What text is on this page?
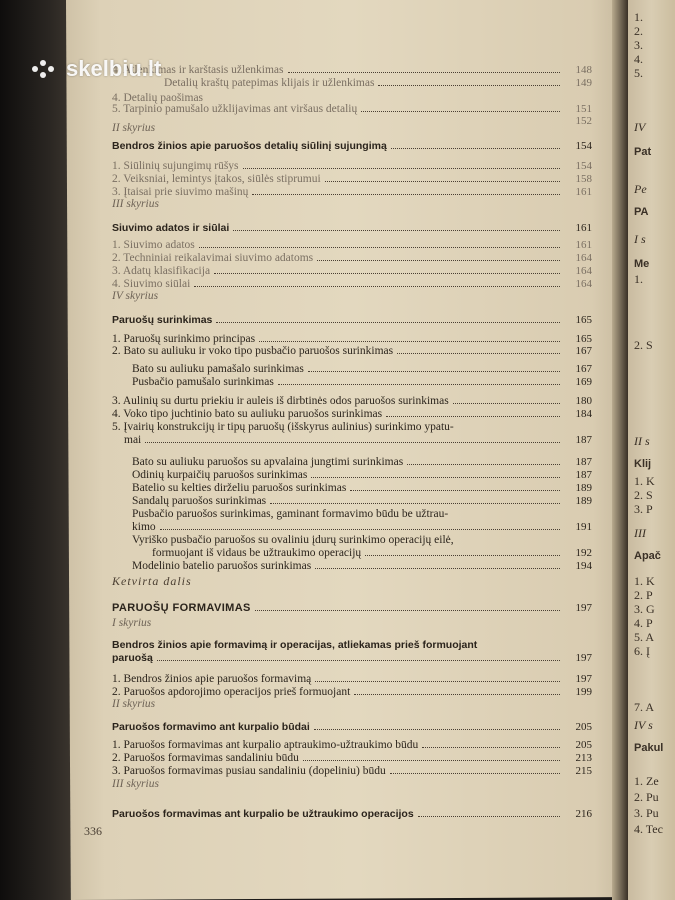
4. Atlenkimas ir karštasis užlenkimas	148
Detalių kraštų patepimas klijais ir užlenkimas	149
4. Detalių paošimas
5. Tarpinio pamušalo užklijavimas ant viršaus detalių	151
152
II skyrius
Bendros žinios apie paruošos detalių siūlinį sujungimą	154
1. Siūlinių sujungimų rūšys	154
2. Veiksniai, lemintys įtakos, siūlės stiprumui	158
3. Įtaisai prie siuvimo mašinų	161
III skyrius
Siuvimo adatos ir siūlai	161
1. Siuvimo adatos	161
2. Techniniai reikalavimai siuvimo adatoms	164
3. Adatų klasifikacija	164
4. Siuvimo siūlai	164
IV skyrius
Paruošų surinkimas	165
1. Paruošų surinkimo principas	165
2. Bato su auliuku ir voko tipo pusbačio paruošos surinkimas	167
Bato su auliuku pamašalo surinkimas	167
Pusbačio pamušalo surinkimas	169
3. Aulinių su durtu priekiu ir auleis iš dirbtinės odos paruošos surinkimas	180
4. Voko tipo juchtinio bato su auliuku paruošos surinkimas	184
5. Įvairių konstrukcijų ir tipų paruošų (išskyrus aulinius) surinkimo ypatu-
mai	187
Bato su auliuku paruošos su apvalaina jungtimi surinkimas	187
Odinių kurpaičių paruošos surinkimas	187
Batelio su kelties dirželiu paruošos surinkimas	189
Sandalų paruošos surinkimas	189
Pusbačio paruošos surinkimas, gaminant formavimo būdu be užtrau-
kimo	191
Vyriško pusbačio paruošos su ovaliniu įdurų surinkimo operacijų eilė,
formuojant iš vidaus be užtraukimo operacijų	192
Modelinio batelio paruošos surinkimas	194
Ketvirta dalis
PARUOŠŲ FORMAVIMAS	197
I skyrius
Bendros žinios apie formavimą ir operacijas, atliekamas prieš formuojant
paruošą	197
1. Bendros žinios apie paruošos formavimą	197
2. Paruošos apdorojimo operacijos prieš formuojant	199
II skyrius
Paruošos formavimo ant kurpalio būdai	205
1. Paruošos formavimas ant kurpalio aptraukimo-užtraukimo būdu	205
2. Paruošos formavimas sandaliniu būdu	213
3. Paruošos formavimas pusiau sandaliniu (dopeliniu) būdu	215
III skyrius
Paruošos formavimas ant kurpalio be užtraukimo operacijos	216
336
1.
2.
3.
4.
5.
IV
Pat
Pe
PA
I s
Me
1.
2. S
II s
Klij
1. K
2. S
3. P
III
Apač
1. K
2. P
3. G
4. P
5. A
6. Į
7. A
IV s
Pakul
1. Ze
2. Pu
3. Pu
4. Tec
skelbiu.lt
